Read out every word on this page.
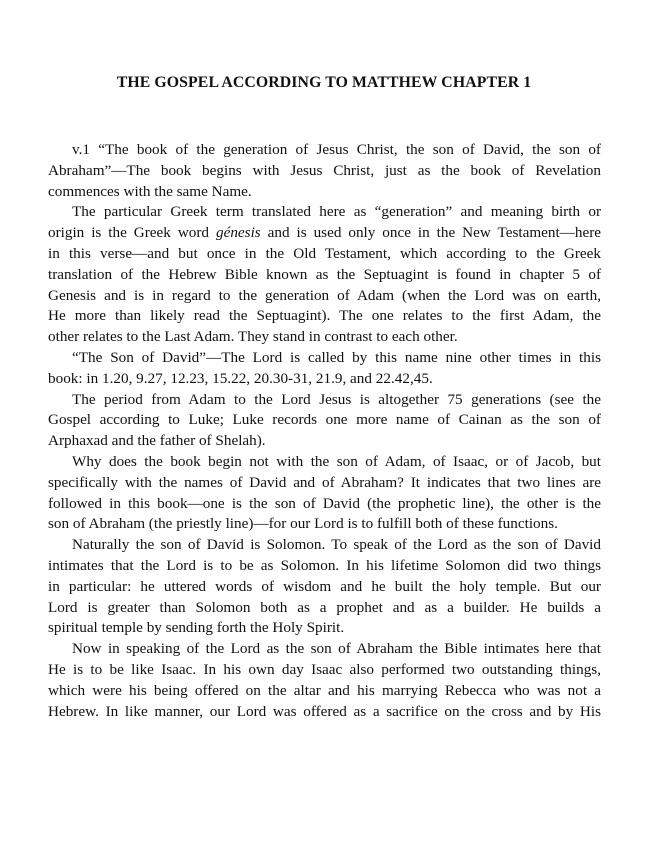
THE GOSPEL ACCORDING TO MATTHEW CHAPTER 1
v.1 “The book of the generation of Jesus Christ, the son of David, the son of
Abraham”—The book begins with Jesus Christ, just as the book of Revelation
commences with the same Name.
The particular Greek term translated here as “generation” and meaning birth or
origin is the Greek word génesis and is used only once in the New Testament—here
in this verse—and but once in the Old Testament, which according to the Greek
translation of the Hebrew Bible known as the Septuagint is found in chapter 5 of
Genesis and is in regard to the generation of Adam (when the Lord was on earth,
He more than likely read the Septuagint). The one relates to the first Adam, the
other relates to the Last Adam. They stand in contrast to each other.
“The Son of David”—The Lord is called by this name nine other times in this
book: in 1.20, 9.27, 12.23, 15.22, 20.30-31, 21.9, and 22.42,45.
The period from Adam to the Lord Jesus is altogether 75 generations (see the
Gospel according to Luke; Luke records one more name of Cainan as the son of
Arphaxad and the father of Shelah).
Why does the book begin not with the son of Adam, of Isaac, or of Jacob, but
specifically with the names of David and of Abraham? It indicates that two lines are
followed in this book—one is the son of David (the prophetic line), the other is the
son of Abraham (the priestly line)—for our Lord is to fulfill both of these functions.
Naturally the son of David is Solomon. To speak of the Lord as the son of David
intimates that the Lord is to be as Solomon. In his lifetime Solomon did two things
in particular: he uttered words of wisdom and he built the holy temple. But our
Lord is greater than Solomon both as a prophet and as a builder. He builds a
spiritual temple by sending forth the Holy Spirit.
Now in speaking of the Lord as the son of Abraham the Bible intimates here that
He is to be like Isaac. In his own day Isaac also performed two outstanding things,
which were his being offered on the altar and his marrying Rebecca who was not a
Hebrew. In like manner, our Lord was offered as a sacrifice on the cross and by His
